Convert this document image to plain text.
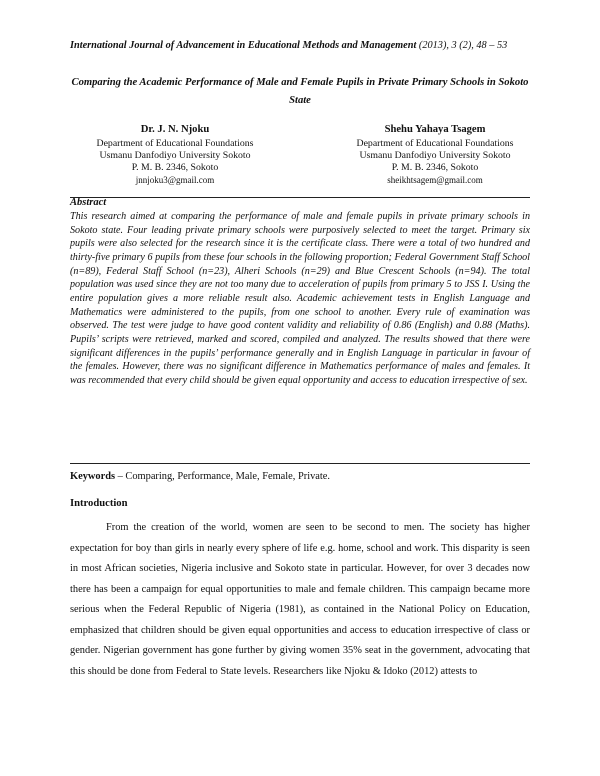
International Journal of Advancement in Educational Methods and Management (2013), 3 (2), 48 – 53
Comparing the Academic Performance of Male and Female Pupils in Private Primary Schools in Sokoto State
Dr. J. N. Njoku
Department of Educational Foundations
Usmanu Danfodiyo University Sokoto
P. M. B. 2346, Sokoto
jnnjoku3@gmail.com
Shehu Yahaya Tsagem
Department of Educational Foundations
Usmanu Danfodiyo University Sokoto
P. M. B. 2346, Sokoto
sheikhtsagem@gmail.com
Abstract
This research aimed at comparing the performance of male and female pupils in private primary schools in Sokoto state. Four leading private primary schools were purposively selected to meet the target. Primary six pupils were also selected for the research since it is the certificate class. There were a total of two hundred and thirty-five primary 6 pupils from these four schools in the following proportion; Federal Government Staff School (n=89), Federal Staff School (n=23), Alheri Schools (n=29) and Blue Crescent Schools (n=94). The total population was used since they are not too many due to acceleration of pupils from primary 5 to JSS I. Using the entire population gives a more reliable result also. Academic achievement tests in English Language and Mathematics were administered to the pupils, from one school to another. Every rule of examination was observed. The test were judge to have good content validity and reliability of 0.86 (English) and 0.88 (Maths). Pupils’ scripts were retrieved, marked and scored, compiled and analyzed. The results showed that there were significant differences in the pupils’ performance generally and in English Language in particular in favour of the females. However, there was no significant difference in Mathematics performance of males and females. It was recommended that every child should be given equal opportunity and access to education irrespective of sex.
Keywords – Comparing, Performance, Male, Female, Private.
Introduction
From the creation of the world, women are seen to be second to men. The society has higher expectation for boy than girls in nearly every sphere of life e.g. home, school and work. This disparity is seen in most African societies, Nigeria inclusive and Sokoto state in particular. However, for over 3 decades now there has been a campaign for equal opportunities to male and female children. This campaign became more serious when the Federal Republic of Nigeria (1981), as contained in the National Policy on Education, emphasized that children should be given equal opportunities and access to education irrespective of class or gender. Nigerian government has gone further by giving women 35% seat in the government, advocating that this should be done from Federal to State levels. Researchers like Njoku & Idoko (2012) attests to
